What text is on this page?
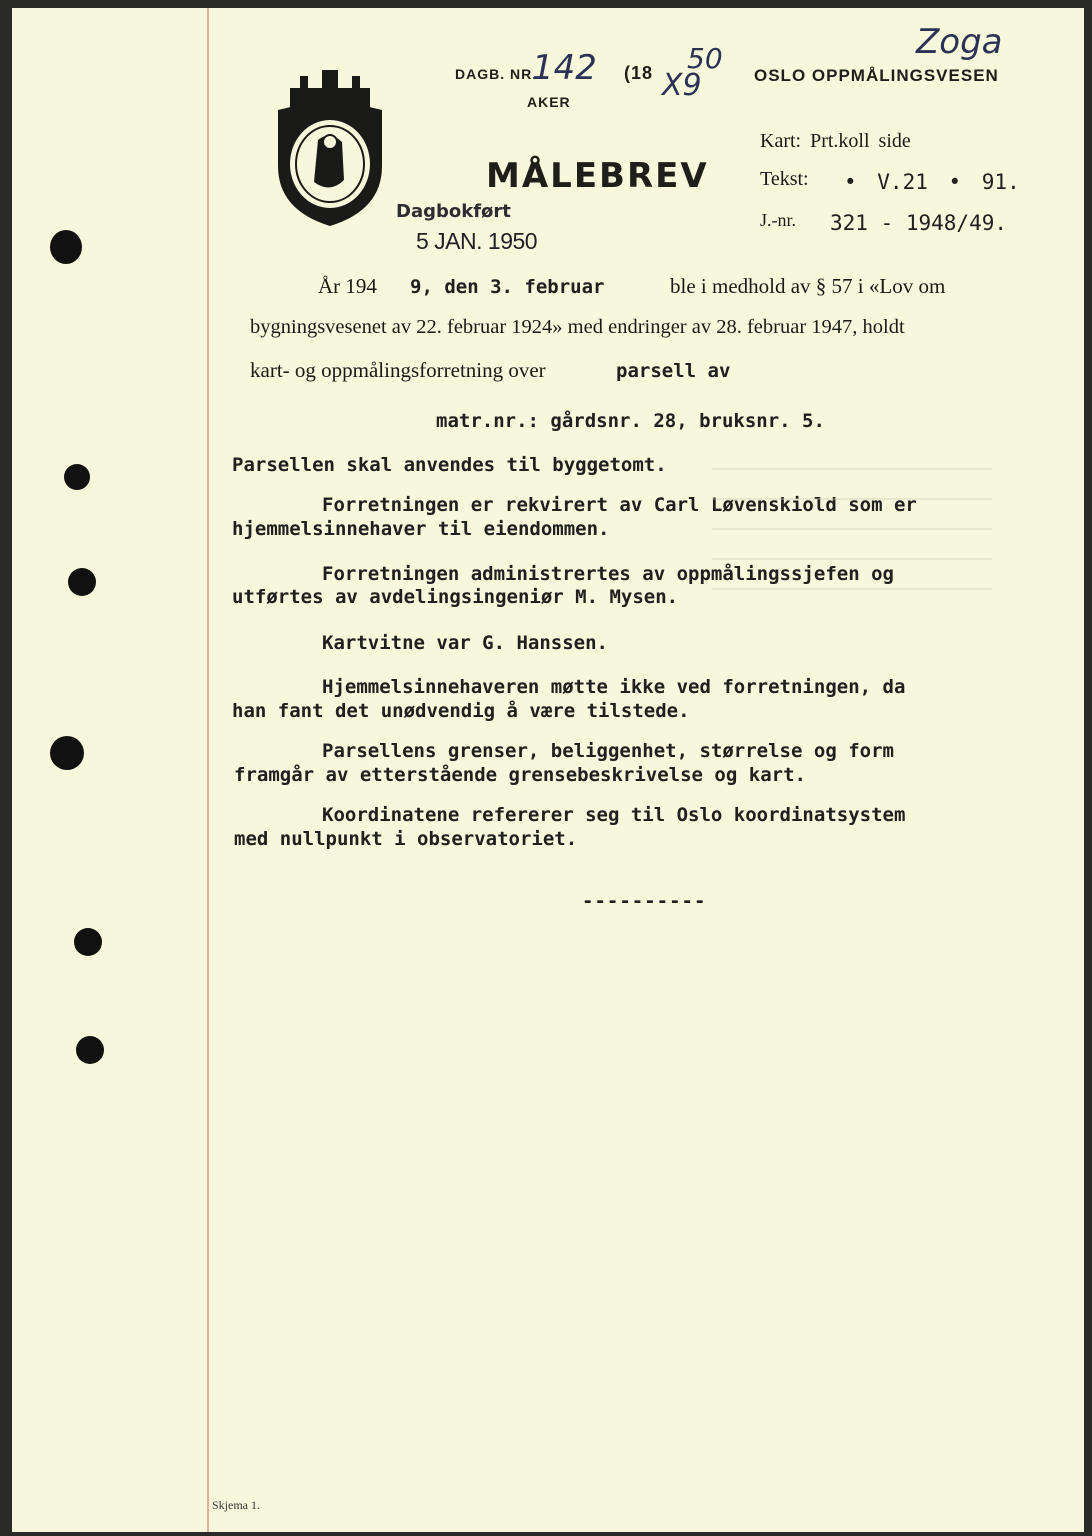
DAGB. NR.
142 (18 50
X9
AKER
OSLO OPPMÅLINGSVESEN
Zoga
MÅLEBREV
Dagbokført
5 JAN. 1950
Kart: Prt.koll side
Tekst: • V.21 • 91.
J.-nr. 321 - 1948/49.
År 194 9, den 3. februar	ble i medhold av § 57 i «Lov om
bygningsvesenet av 22. februar 1924» med endringer av 28. februar 1947, holdt
kart- og oppmålingsforretning over	parsell av
matr.nr.: gårdsnr. 28, bruksnr. 5.
Parsellen skal anvendes til byggetomt.
Forretningen er rekvirert av Carl Løvenskiold som er
hjemmelsinnehaver til eiendommen.
Forretningen administrertes av oppmålingssjefen og
utførtes av avdelingsingeniør M. Mysen.
Kartvitne var G. Hanssen.
Hjemmelsinnehaveren møtte ikke ved forretningen, da
han fant det unødvendig å være tilstede.
Parsellens grenser, beliggenhet, størrelse og form
framgår av etterstående grensebeskrivelse og kart.
Koordinatene refererer seg til Oslo koordinatsystem
med nullpunkt i observatoriet.
----------
Skjema 1.
